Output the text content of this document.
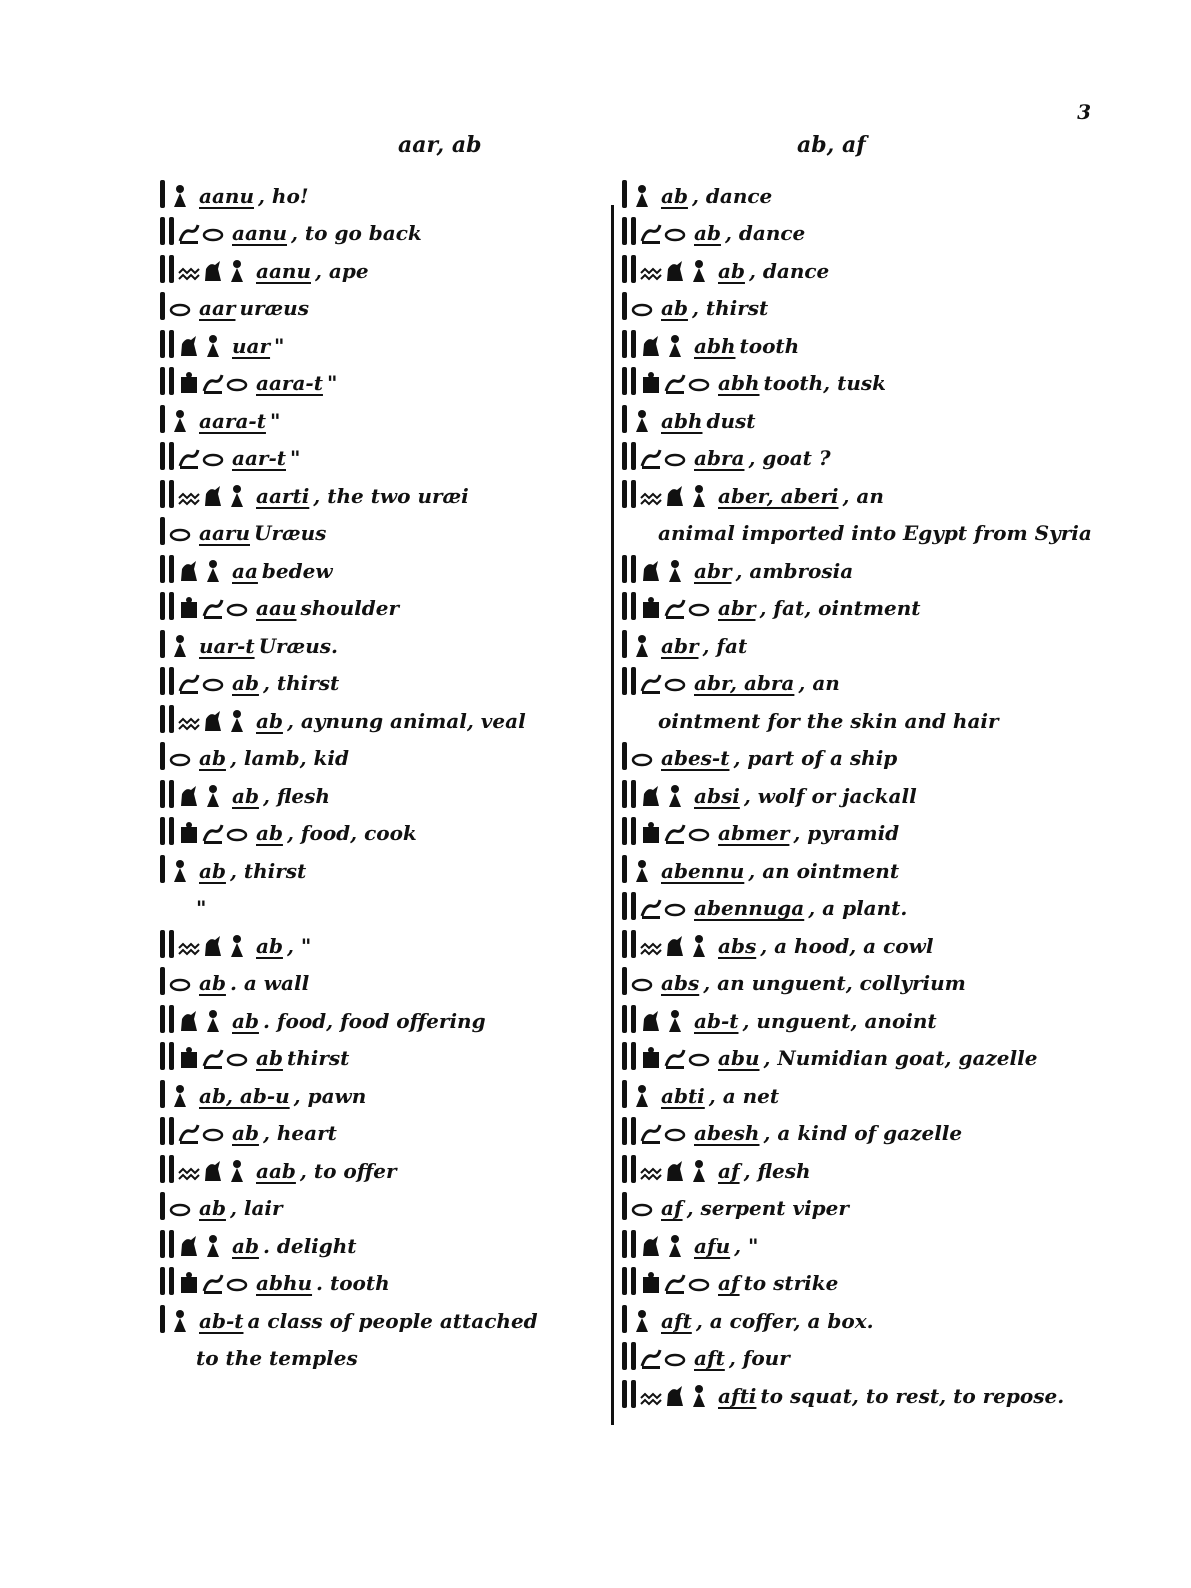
3
aar, ab	ab, af
aanu , ho!
aanu , to go back
aanu , ape
aar uræus
uar "
aara-t "
aara-t "
aar-t "
aarti , the two uræi
aaru Uræus
aa bedew
aau shoulder
uar-t Uræus.
ab , thirst
ab , aynung animal, veal
ab , lamb, kid
ab , flesh
ab , food, cook
ab , thirst
"
ab , "
ab . a wall
ab . food, food offering
ab thirst
ab, ab-u , pawn
ab , heart
aab , to offer
ab , lair
ab . delight
abhu . tooth
ab-t a class of people attached
to the temples
ab , dance
ab , dance
ab , dance
ab , thirst
abh tooth
abh tooth, tusk
abh dust
abra , goat ?
aber, aberi , an
animal imported into Egypt from Syria
abr , ambrosia
abr , fat, ointment
abr , fat
abr, abra , an
ointment for the skin and hair
abes-t , part of a ship
absi , wolf or jackall
abmer , pyramid
abennu , an ointment
abennuga , a plant.
abs , a hood, a cowl
abs , an unguent, collyrium
ab-t , unguent, anoint
abu , Numidian goat, gazelle
abti , a net
abesh , a kind of gazelle
af , flesh
af , serpent viper
afu , "
af to strike
aft , a coffer, a box.
aft , four
afti to squat, to rest, to repose.
